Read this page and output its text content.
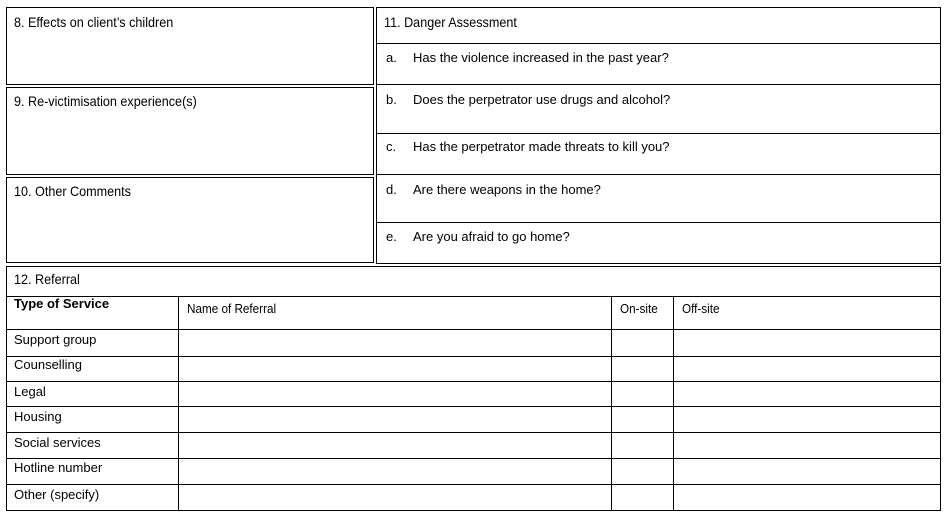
8. Effects on client’s children
9. Re-victimisation experience(s)
10. Other Comments
11. Danger Assessment
a. Has the violence increased in the past year?
b. Does the perpetrator use drugs and alcohol?
c. Has the perpetrator made threats to kill you?
d. Are there weapons in the home?
e. Are you afraid to go home?
12. Referral
Type of Service	Name of Referral	On-site Off-site
Support group
Counselling
Legal
Housing
Social services
Hotline number
Other (specify)
